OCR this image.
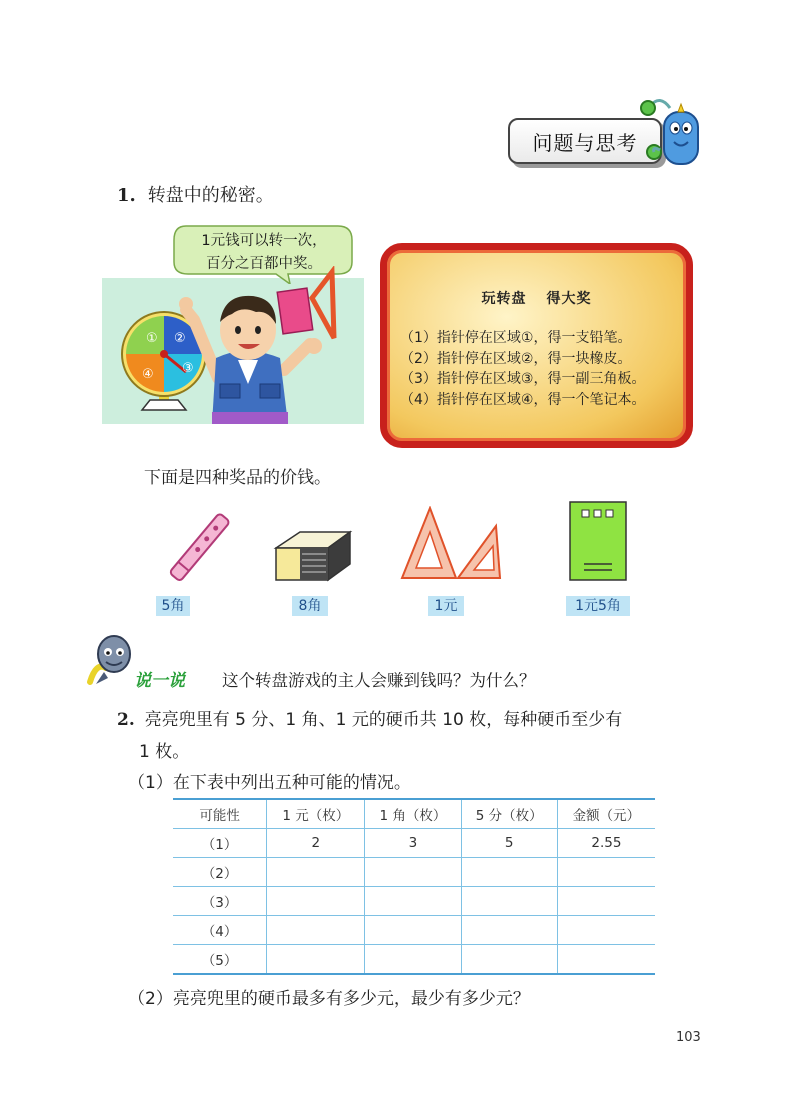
问题与思考
1. 转盘中的秘密。
1元钱可以转一次，
百分之百都中奖。
① ②
③
④
玩转盘 得大奖
（1）指针停在区域①，得一支铅笔。
（2）指针停在区域②，得一块橡皮。
（3）指针停在区域③，得一副三角板。
（4）指针停在区域④，得一个笔记本。
下面是四种奖品的价钱。
5角	8角	1元	1元5角
说一说 这个转盘游戏的主人会赚到钱吗？为什么？
2. 亮亮兜里有 5 分、1 角、1 元的硬币共 10 枚，每种硬币至少有
1 枚。
（1）在下表中列出五种可能的情况。
可能性	1 元（枚）	1 角（枚）	5 分（枚）	金额（元）
（1）	2	3	5	2.55
（2）				
（3）				
（4）				
（5）				
（2）亮亮兜里的硬币最多有多少元，最少有多少元？
103
